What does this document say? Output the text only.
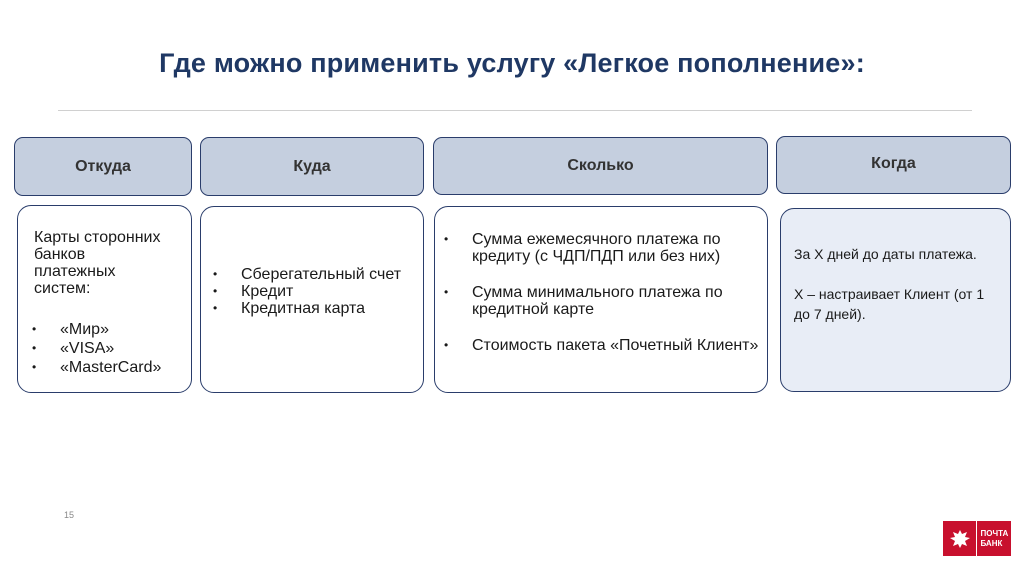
Где можно применить услугу «Легкое пополнение»:
Откуда
Карты сторонних
банков
платежных
систем:
• «Мир»
• «VISA»
• «MasterCard»
Куда
• Сберегательный счет
• Кредит
• Кредитная карта
Сколько
• Сумма ежемесячного платежа по кредиту (с ЧДП/ПДП или без них)
• Сумма минимального платежа по кредитной карте
• Стоимость пакета «Почетный Клиент»
Когда
За Х дней до даты платежа.
Х – настраивает Клиент (от 1 до 7 дней).
15
ПОЧТА
БАНК
